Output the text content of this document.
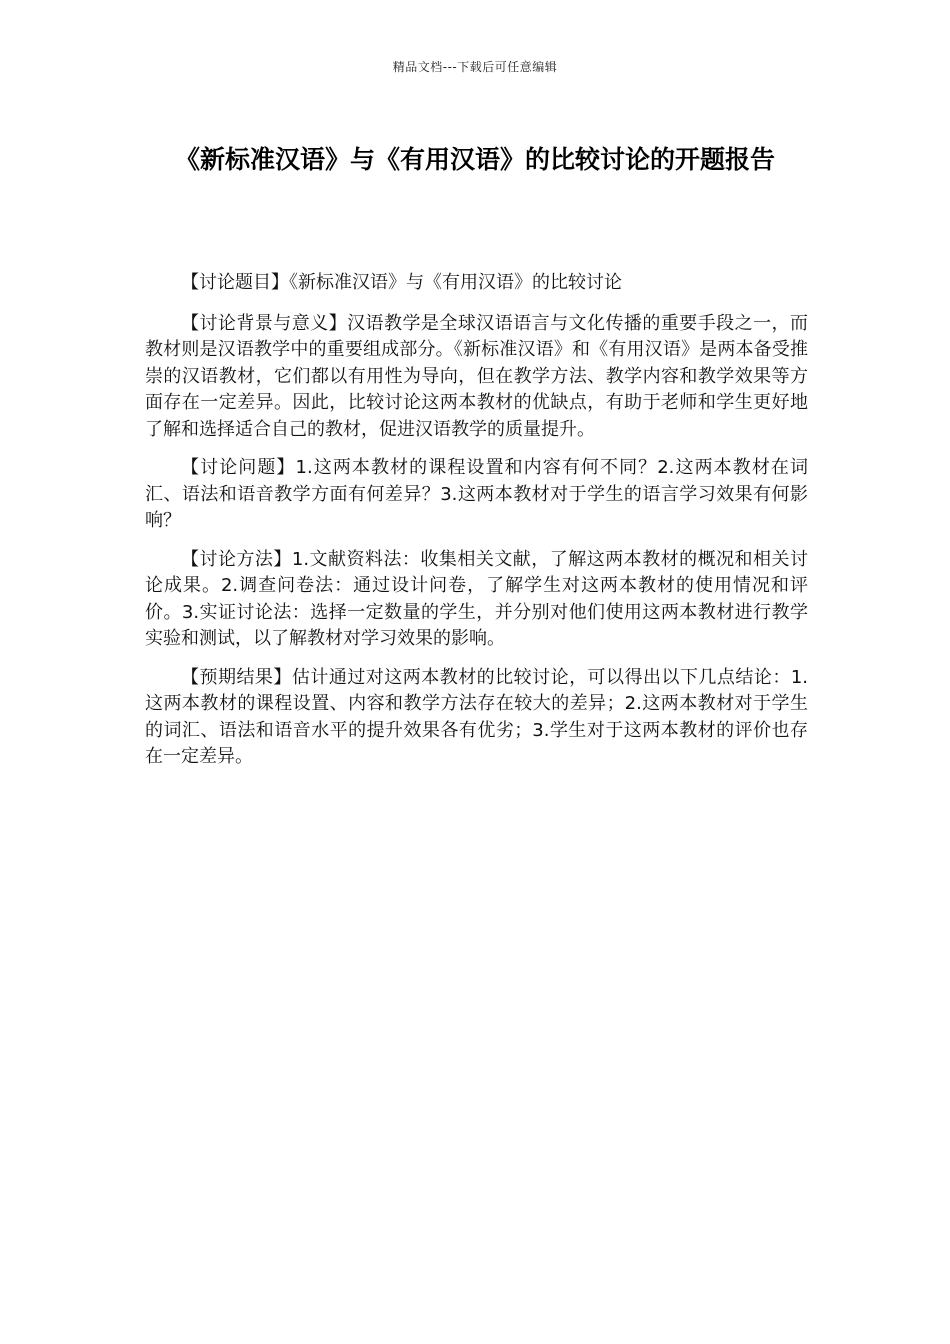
精品文档---下载后可任意编辑
《新标准汉语》与《有用汉语》的比较讨论的开题报告

【讨论题目】《新标准汉语》与《有用汉语》的比较讨论

【讨论背景与意义】汉语教学是全球汉语语言与文化传播的重要手段之一，而教材则是汉语教学中的重要组成部分。《新标准汉语》和《有用汉语》是两本备受推崇的汉语教材，它们都以有用性为导向，但在教学方法、教学内容和教学效果等方面存在一定差异。因此，比较讨论这两本教材的优缺点，有助于老师和学生更好地了解和选择适合自己的教材，促进汉语教学的质量提升。

【讨论问题】1.这两本教材的课程设置和内容有何不同？2.这两本教材在词汇、语法和语音教学方面有何差异？3.这两本教材对于学生的语言学习效果有何影响？

【讨论方法】1.文献资料法：收集相关文献，了解这两本教材的概况和相关讨论成果。2.调查问卷法：通过设计问卷，了解学生对这两本教材的使用情况和评价。3.实证讨论法：选择一定数量的学生，并分别对他们使用这两本教材进行教学实验和测试，以了解教材对学习效果的影响。

【预期结果】估计通过对这两本教材的比较讨论，可以得出以下几点结论：1.这两本教材的课程设置、内容和教学方法存在较大的差异；2.这两本教材对于学生的词汇、语法和语音水平的提升效果各有优劣；3.学生对于这两本教材的评价也存在一定差异。
